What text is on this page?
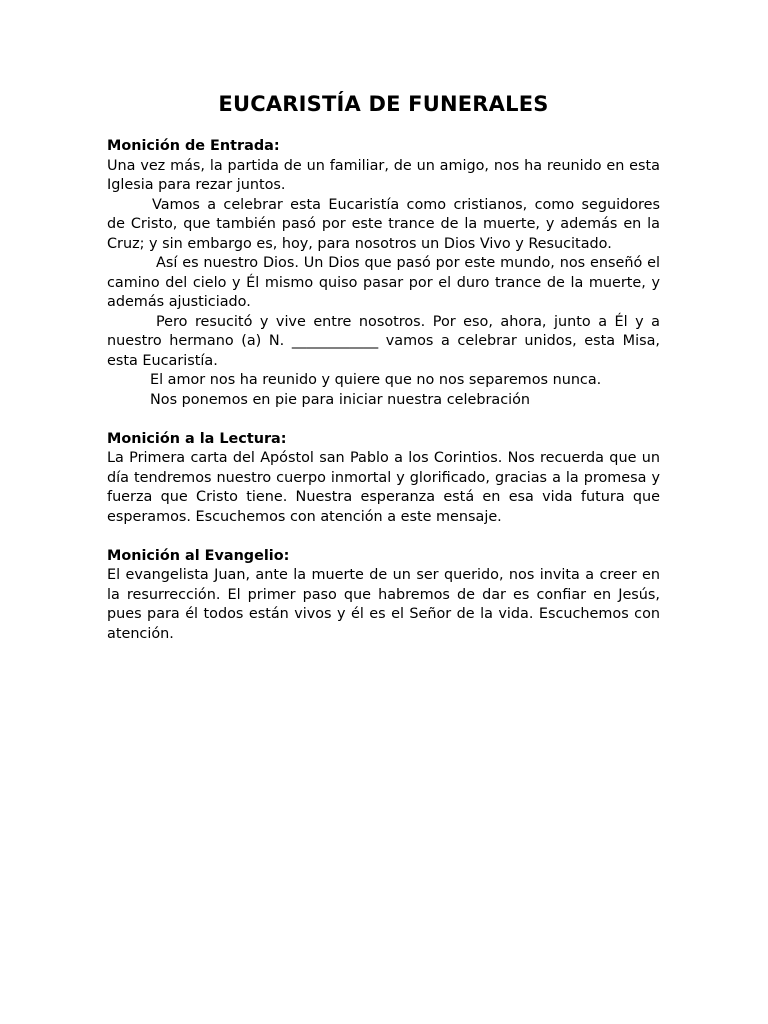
EUCARISTÍA DE FUNERALES

Monición de Entrada:

Una vez más, la partida de un familiar, de un amigo, nos ha reunido en esta Iglesia para rezar juntos.

Vamos a celebrar esta Eucaristía como cristianos, como seguidores de Cristo, que también pasó por este trance de la muerte, y además en la Cruz; y sin embargo es, hoy, para nosotros un Dios Vivo y Resucitado.

Así es nuestro Dios. Un Dios que pasó por este mundo, nos enseñó el camino del cielo y Él mismo quiso pasar por el duro trance de la muerte, y además ajusticiado.

Pero resucitó y vive entre nosotros. Por eso, ahora, junto a Él y a nuestro hermano (a) N. ____________ vamos a celebrar unidos, esta Misa, esta Eucaristía.

El amor nos ha reunido y quiere que no nos separemos nunca.

Nos ponemos en pie para iniciar nuestra celebración

Monición a la Lectura:

La Primera carta del Apóstol san Pablo a los Corintios. Nos recuerda que un día tendremos nuestro cuerpo inmortal y glorificado, gracias a la promesa y fuerza que Cristo tiene. Nuestra esperanza está en esa vida futura que esperamos. Escuchemos con atención a este mensaje.

Monición al Evangelio:

El evangelista Juan, ante la muerte de un ser querido, nos invita a creer en la resurrección. El primer paso que habremos de dar es confiar en Jesús, pues para él todos están vivos y él es el Señor de la vida. Escuchemos con atención.
